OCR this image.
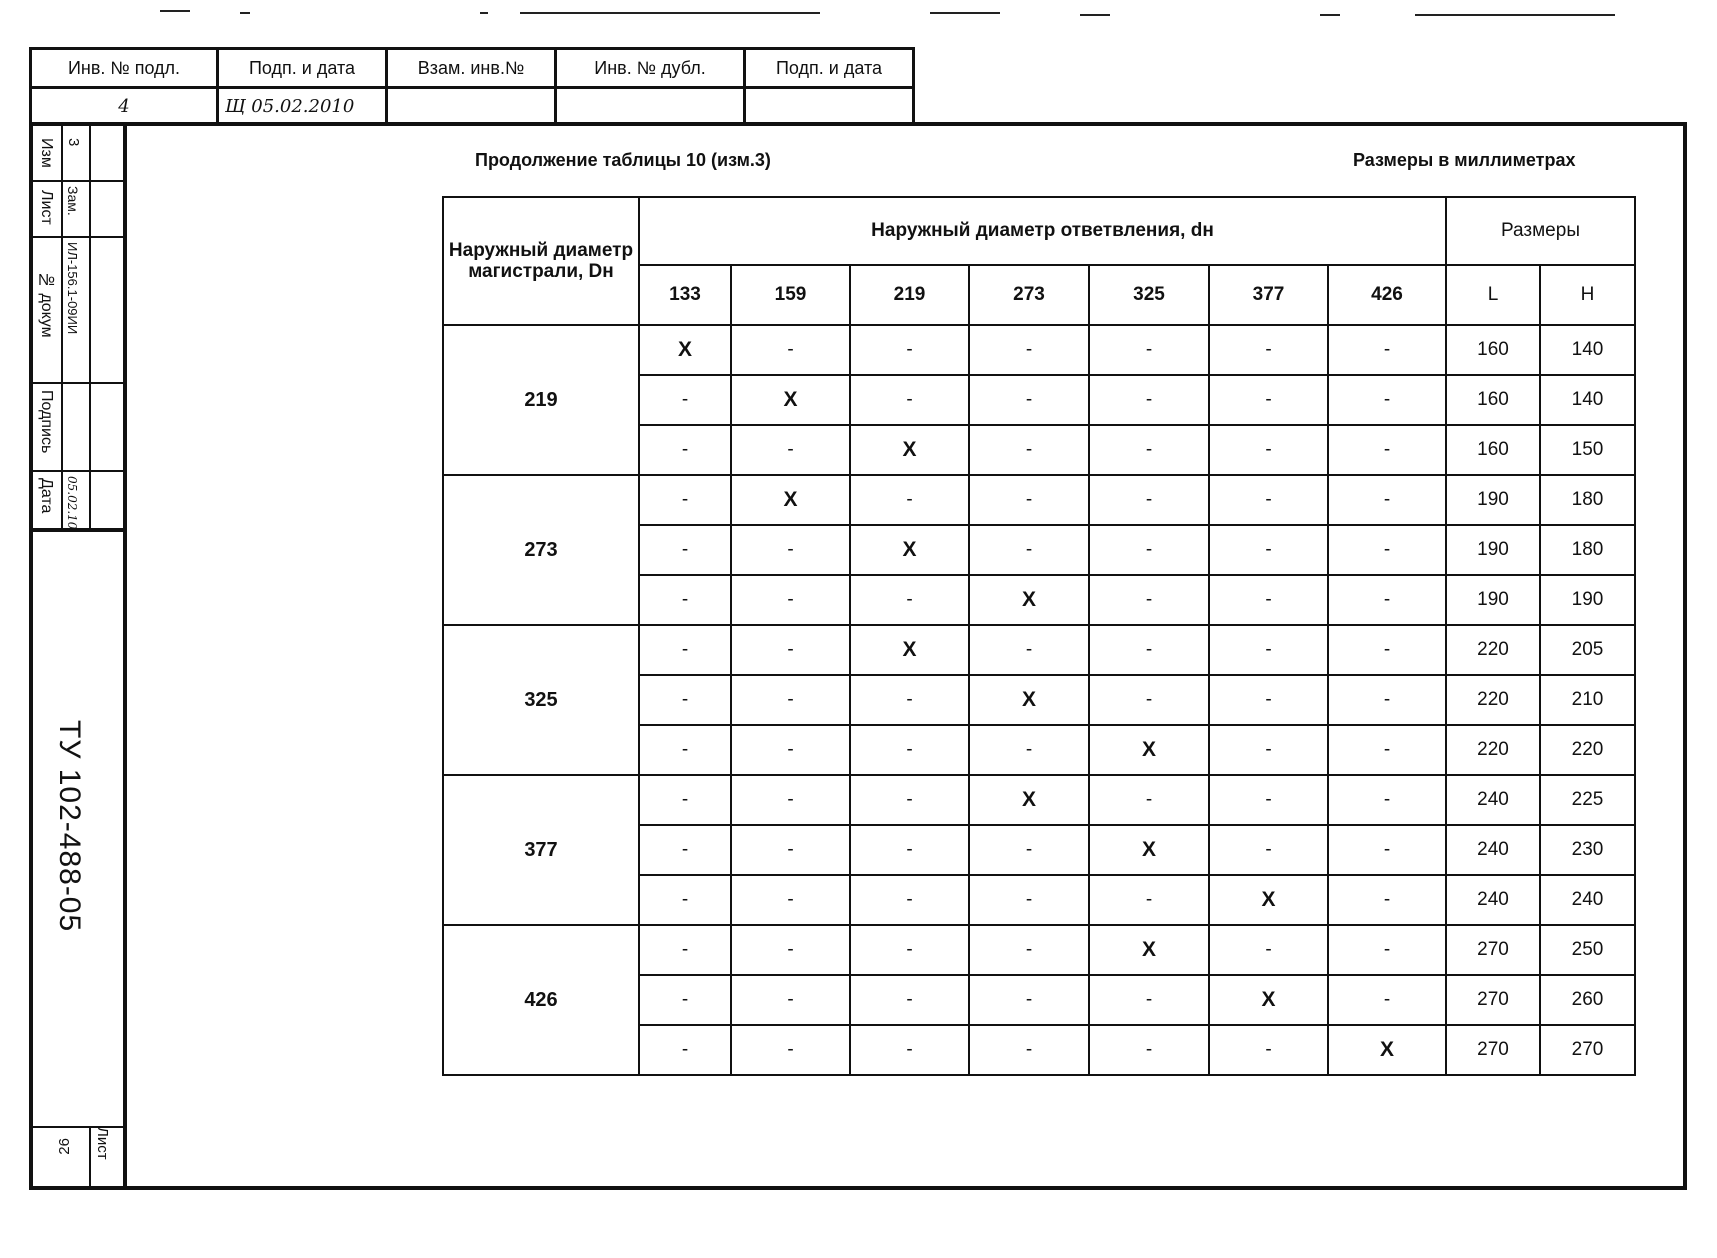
Инв. № подл.	Подп. и дата	Взам. инв.№	Инв. № дубл.	Подп. и дата
4	Щ 05.02.2010			
Изм
Лист
№ докум
Подпись
Дата
3
Зам.
ИЛ-156.1-09ИИ
05.02.10
ТУ 102-488-05
Лист
26
Продолжение таблицы 10 (изм.3)	Размеры в миллиметрах
Наружный диаметр магистрали, Dн	Наружный диаметр ответвления, dн							Размеры	
	133	159	219	273	325	377	426	L	H
219	X	-	-	-	-	-	-	160	140
	-	X	-	-	-	-	-	160	140
	-	-	X	-	-	-	-	160	150
273	-	X	-	-	-	-	-	190	180
	-	-	X	-	-	-	-	190	180
	-	-	-	X	-	-	-	190	190
325	-	-	X	-	-	-	-	220	205
	-	-	-	X	-	-	-	220	210
	-	-	-	-	X	-	-	220	220
377	-	-	-	X	-	-	-	240	225
	-	-	-	-	X	-	-	240	230
	-	-	-	-	-	X	-	240	240
426	-	-	-	-	X	-	-	270	250
	-	-	-	-	-	X	-	270	260
	-	-	-	-	-	-	X	270	270
